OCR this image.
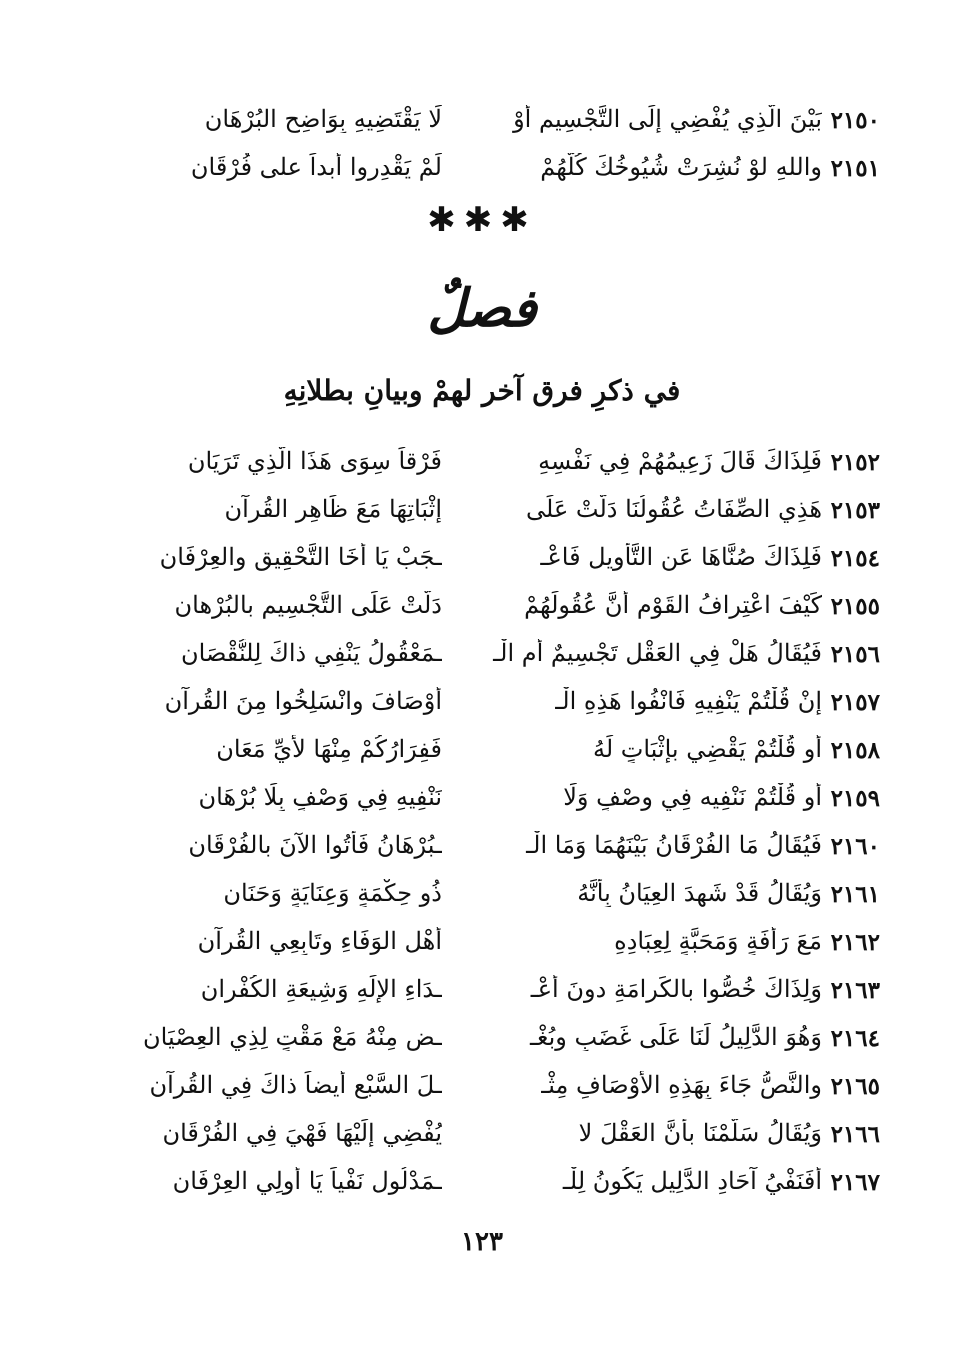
٢١٥٠
بَيْنَ الَّذِي يُفْضِي إِلَى التَّجْسِيمِ أَوْ
لَا يَقْتَضِيهِ بِوَاضِحِ البُرْهَانِ
٢١٥١
واللهِ لوْ نُشِرَتْ شُيُوخُكَ كُلُّهُمْ
لَمْ يَقْدِروا أبداً على فُرْقَانِ
✱✱✱
فصلٌ
في ذكرِ فرق آخر لهمْ وبيانِ بطلانِهِ
٢١٥٢
فَلِذَاكَ قَالَ زَعِيمُهُمْ فِي نَفْسِهِ
فَرْقاً سِوَى هَذَا الَّذِي تَرَيَانِ
٢١٥٣
هَذِي الصِّفَاتُ عُقُولُنَا دَلَّتْ عَلَى
إثْبَاتِهَا مَعَ ظَاهِرِ القُرآنِ
٢١٥٤
فَلِذَاكَ صُنَّاهَا عَنِ التَّأْوِيلِ فَاعْـ
ـجَبْ يَا أَخَا التَّحْقِيقِ والعِرْفَانِ
٢١٥٥
كَيْفَ اعْتِرافُ القَوْمِ أَنَّ عُقُولَهُمْ
دَلَّتْ عَلَى التَّجْسِيمِ بالبُرْهانِ
٢١٥٦
فَيُقَالُ هَلْ فِي العَقْلِ تَجْسِيمٌ أَمِ الْـ
ـمَعْقُولُ يَنْفِي ذاكَ لِلنُّقْصَانِ
٢١٥٧
إنْ قُلْتُمْ يَنْفِيهِ فَانْفُوا هَذِهِ الْـ
أَوْصَافَ وانْسَلِخُوا مِنَ القُرآنِ
٢١٥٨
أو قُلْتُمْ يَقْضِي بإثْبَاتٍ لَهُ
فَفِرَارُكُمْ مِنْهَا لأيِّ مَعَانِ
٢١٥٩
أو قُلْتُمْ نَنْفِيه فِي وصْفٍ وَلَا
نَنْفِيهِ فِي وَصْفٍ بِلَا بُرْهَانِ
٢١٦٠
فَيُقَالُ مَا الفُرْقَانُ بَيْنَهُمَا وَمَا الْـ
ـبُرْهَانُ فَأْتُوا الآنَ بالفُرْقَانِ
٢١٦١
وَيُقَالُ قَدْ شَهِدَ العِيَانُ بِأَنَّهُ
ذُو حِكْمَةٍ وَعِنَايَةٍ وَحَنَانِ
٢١٦٢
مَعَ رَأْفَةٍ وَمَحَبَّةٍ لِعِبَادِهِ
أَهْلِ الوَفَاءِ وتَابِعِي القُرآنِ
٢١٦٣
وَلِذَاكَ خُصُّوا بالكَرامَةِ دونَ أَعْـ
ـدَاءِ الإلَهِ وَشِيعَةِ الكُفْرانِ
٢١٦٤
وَهُوَ الدَّلِيلُ لَنَا عَلَى غَضَبٍ وبُغْـ
ـضٍ مِنْهُ مَعْ مَقْتٍ لِذِي العِصْيَانِ
٢١٦٥
والنَّصُّ جَاءَ بِهَذِهِ الأوْصَافِ مِثْـ
ـلَ السَّبْعِ أَيضاً ذاكَ فِي القُرآنِ
٢١٦٦
وَيُقَالُ سَلَّمْنَا بأنَّ العَقْلَ لا
يُفْضِي إِلَيْهَا فَهْيَ فِي الفُرْقَانِ
٢١٦٧
أَفَنَفْيُ آحَادِ الدَّلِيلِ يَكُونُ لِلْـ
ـمَدْلُولِ نَفْياً يَا أُولِي العِرْفَانِ
١٢٣
